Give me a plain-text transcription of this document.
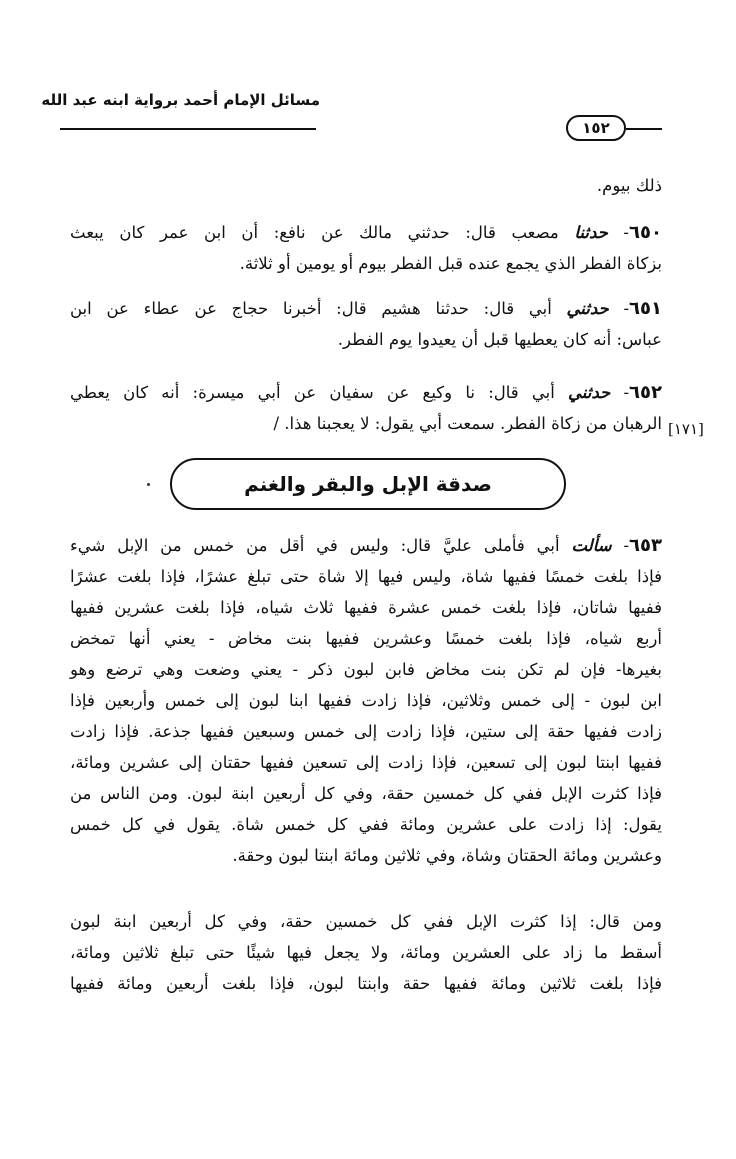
مسائل الإمام أحمد برواية ابنه عبد الله
١٥٢
ذلك بيوم.
٦٥٠- حدثنا مصعب قال: حدثني مالك عن نافع: أن ابن عمر كان يبعث
بزكاة الفطر الذي يجمع عنده قبل الفطر بيوم أو يومين أو ثلاثة.
٦٥١- حدثني أبي قال: حدثنا هشيم قال: أخبرنا حجاج عن عطاء عن ابن
عباس: أنه كان يعطيها قبل أن يعيدوا يوم الفطر.
٦٥٢- حدثني أبي قال: نا وكيع عن سفيان عن أبي ميسرة: أنه كان يعطي
الرهبان من زكاة الفطر. سمعت أبي يقول: لا يعجبنا هذا. / [١٧١]
صدقة الإبل والبقر والغنم
٦٥٣- سألت أبي فأملى عليَّ قال: وليس في أقل من خمس من الإبل شيء
فإذا بلغت خمسًا ففيها شاة، وليس فيها إلا شاة حتى تبلغ عشرًا، فإذا بلغت عشرًا
ففيها شاتان، فإذا بلغت خمس عشرة ففيها ثلاث شياه، فإذا بلغت عشرين ففيها
أربع شياه، فإذا بلغت خمسًا وعشرين ففيها بنت مخاض - يعني أنها تمخض
بغيرها- فإن لم تكن بنت مخاض فابن لبون ذكر - يعني وضعت وهي ترضع وهو
ابن لبون - إلى خمس وثلاثين، فإذا زادت ففيها ابنا لبون إلى خمس وأربعين فإذا
زادت ففيها حقة إلى ستين، فإذا زادت إلى خمس وسبعين ففيها جذعة. فإذا زادت
ففيها ابنتا لبون إلى تسعين، فإذا زادت إلى تسعين ففيها حقتان إلى عشرين ومائة،
فإذا كثرت الإبل ففي كل خمسين حقة، وفي كل أربعين ابنة لبون. ومن الناس من
يقول: إذا زادت على عشرين ومائة ففي كل خمس شاة. يقول في كل خمس
وعشرين ومائة الحقتان وشاة، وفي ثلاثين ومائة ابنتا لبون وحقة.
ومن قال: إذا كثرت الإبل ففي كل خمسين حقة، وفي كل أربعين ابنة لبون
أسقط ما زاد على العشرين ومائة، ولا يجعل فيها شيئًا حتى تبلغ ثلاثين ومائة،
فإذا بلغت ثلاثين ومائة ففيها حقة وابنتا لبون، فإذا بلغت أربعين ومائة ففيها
